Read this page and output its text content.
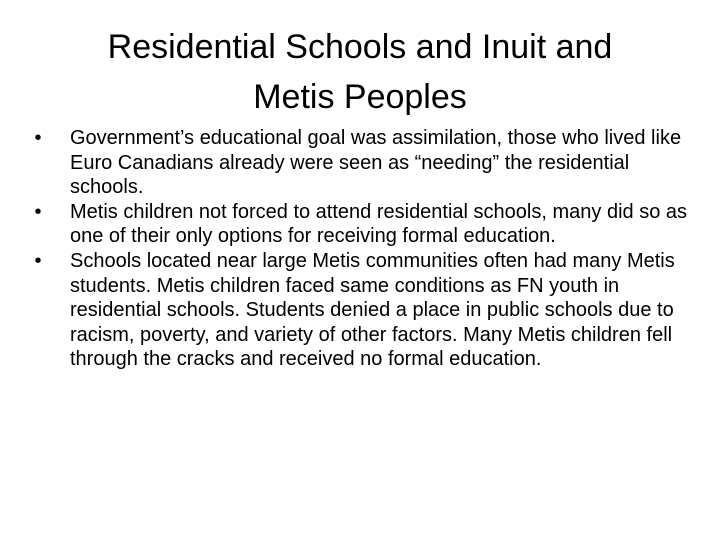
Residential Schools and Inuit and
Metis Peoples
•	Government’s educational goal was assimilation, those who lived like Euro Canadians already were seen as “needing” the residential schools.
•	Metis children not forced to attend residential schools, many did so as one of their only options for receiving formal education.
•	Schools located near large Metis communities often had many Metis students. Metis children faced same conditions as FN youth in residential schools. Students denied a place in public schools due to racism, poverty, and variety of other factors. Many Metis children fell through the cracks and received no formal education.
